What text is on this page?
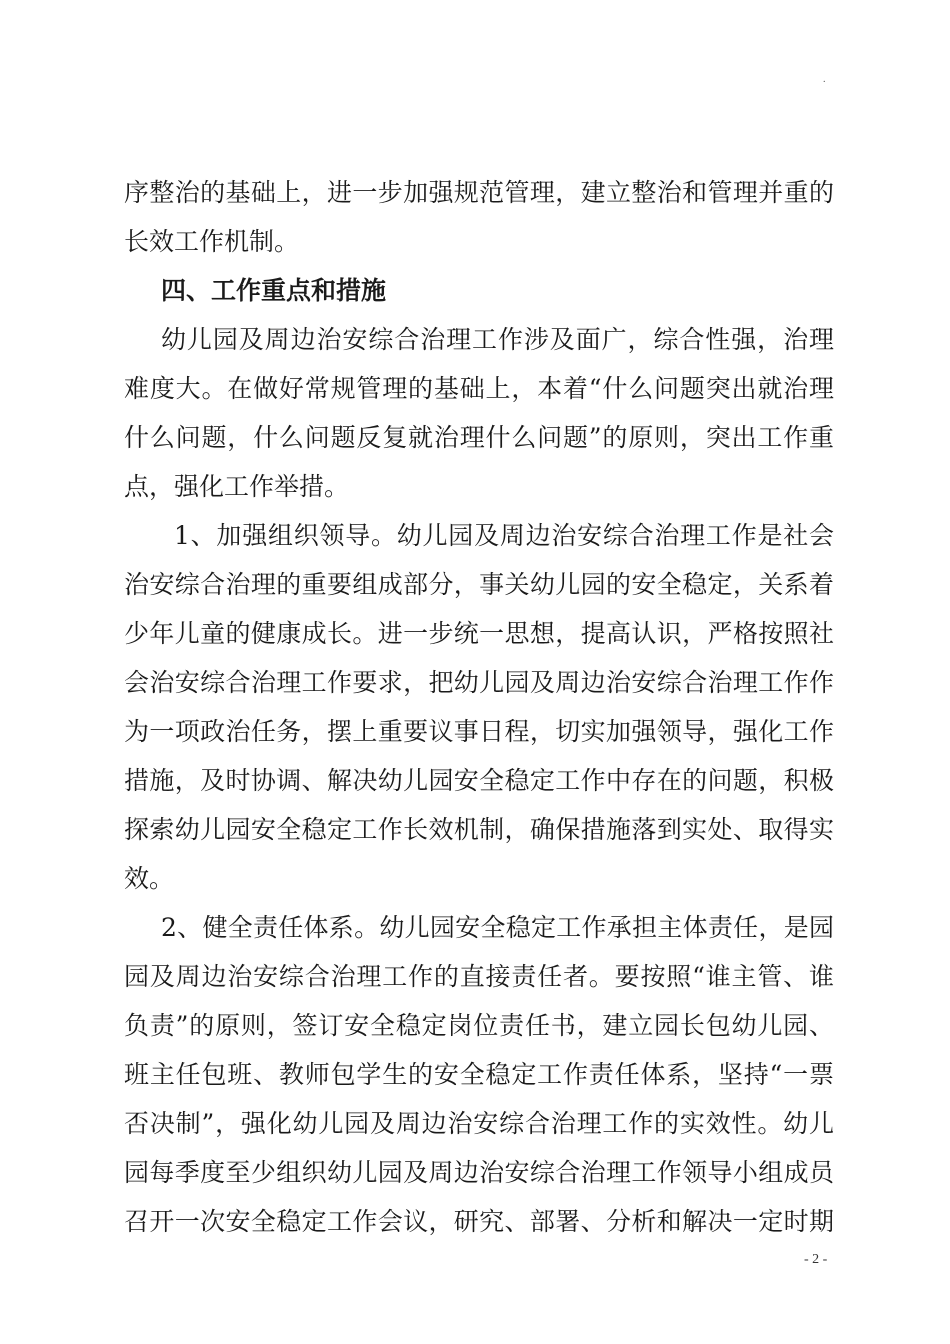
.
序整治的基础上，进一步加强规范管理，建立整治和管理并重的
长效工作机制。
四、工作重点和措施
幼儿园及周边治安综合治理工作涉及面广，综合性强，治理
难度大。在做好常规管理的基础上，本着“什么问题突出就治理
什么问题，什么问题反复就治理什么问题”的原则，突出工作重
点，强化工作举措。
1、加强组织领导。幼儿园及周边治安综合治理工作是社会
治安综合治理的重要组成部分，事关幼儿园的安全稳定，关系着
少年儿童的健康成长。进一步统一思想，提高认识，严格按照社
会治安综合治理工作要求，把幼儿园及周边治安综合治理工作作
为一项政治任务，摆上重要议事日程，切实加强领导，强化工作
措施，及时协调、解决幼儿园安全稳定工作中存在的问题，积极
探索幼儿园安全稳定工作长效机制，确保措施落到实处、取得实
效。
2、健全责任体系。幼儿园安全稳定工作承担主体责任，是园
园及周边治安综合治理工作的直接责任者。要按照“谁主管、谁
负责”的原则，签订安全稳定岗位责任书，建立园长包幼儿园、
班主任包班、教师包学生的安全稳定工作责任体系，坚持“一票
否决制”，强化幼儿园及周边治安综合治理工作的实效性。幼儿
园每季度至少组织幼儿园及周边治安综合治理工作领导小组成员
召开一次安全稳定工作会议，研究、部署、分析和解决一定时期
- 2 -
